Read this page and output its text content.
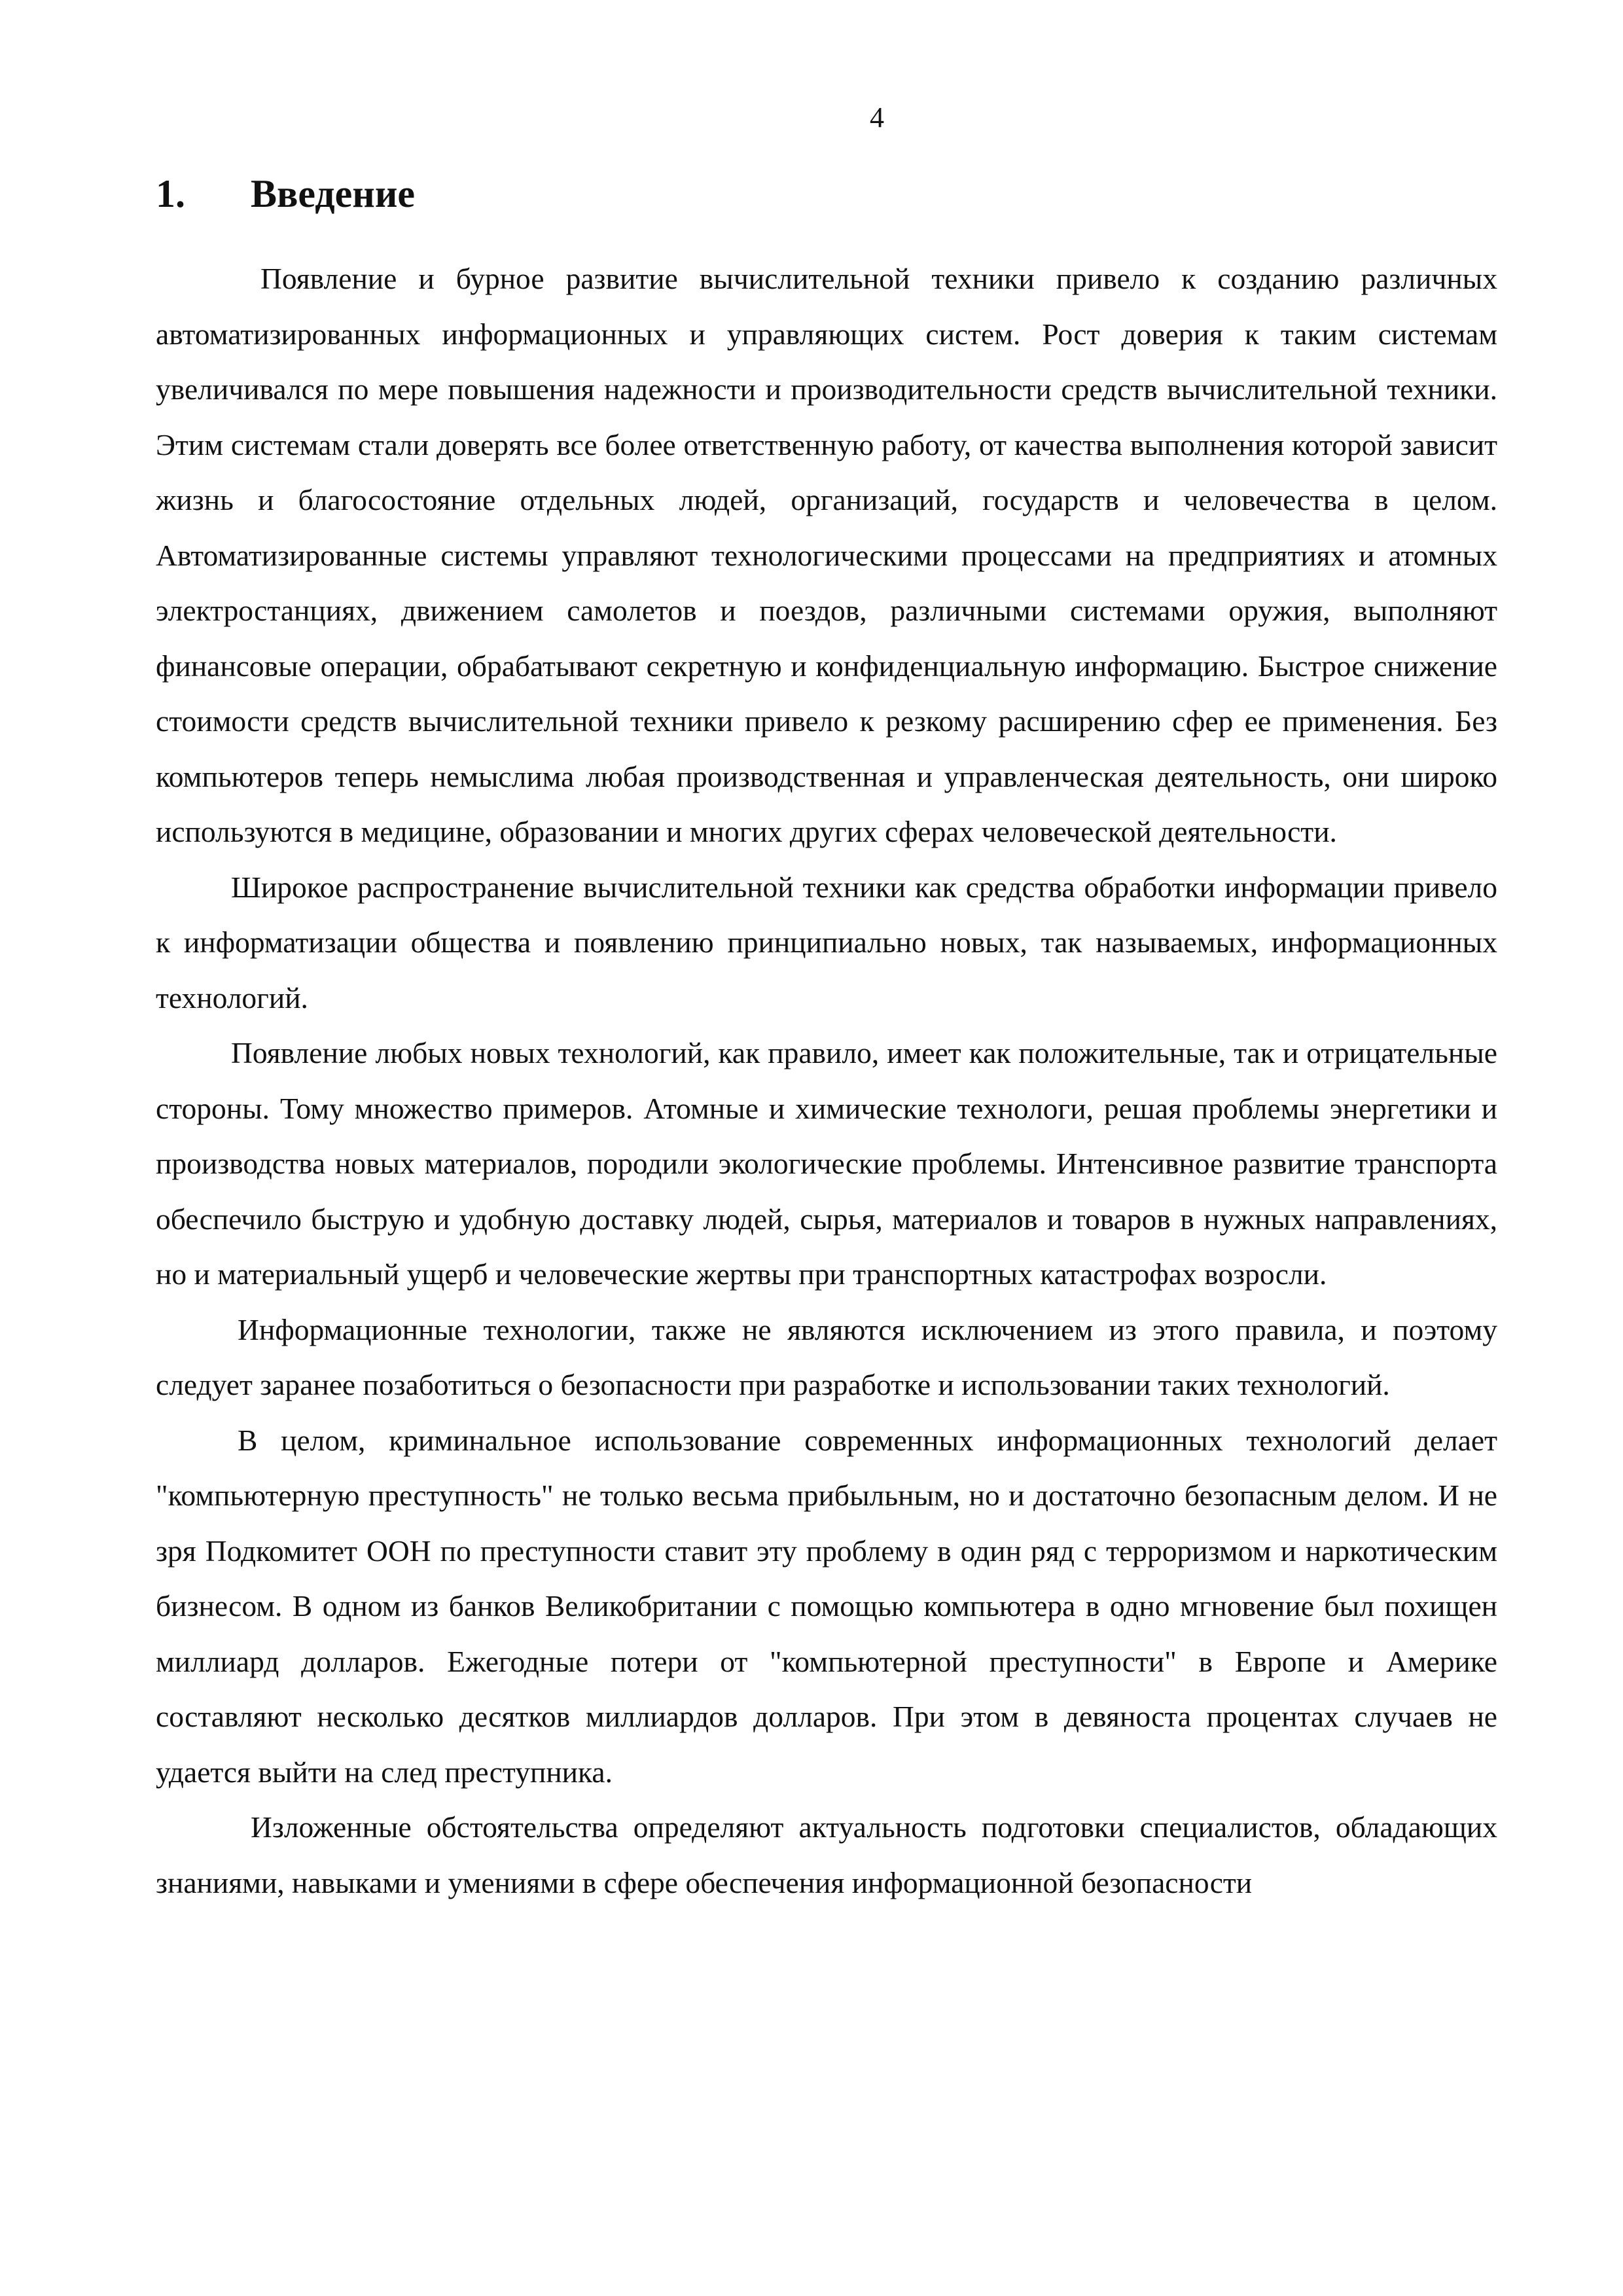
4
1. Введение

Появление и бурное развитие вычислительной техники привело к созданию различных автоматизированных информационных и управляющих систем. Рост доверия к таким системам увеличивался по мере повышения надежности и производительности средств вычислительной техники. Этим системам стали доверять все более ответственную работу, от качества выполнения которой зависит жизнь и благосостояние отдельных людей, организаций, государств и человечества в целом. Автоматизированные системы управляют технологическими процессами на предприятиях и атомных электростанциях, движением самолетов и поездов, различными системами оружия, выполняют финансовые операции, обрабатывают секретную и конфиденциальную информацию. Быстрое снижение стоимости средств вычислительной техники привело к резкому расширению сфер ее применения. Без компьютеров теперь немыслима любая производственная и управленческая деятельность, они широко используются в медицине, образовании и многих других сферах человеческой деятельности.

Широкое распространение вычислительной техники как средства обработки информации привело к информатизации общества и появлению принципиально новых, так называемых, информационных технологий.

Появление любых новых технологий, как правило, имеет как положительные, так и отрицательные стороны. Тому множество примеров. Атомные и химические технологи, решая проблемы энергетики и производства новых материалов, породили экологические проблемы. Интенсивное развитие транспорта обеспечило быструю и удобную доставку людей, сырья, материалов и товаров в нужных направлениях, но и материальный ущерб и человеческие жертвы при транспортных катастрофах возросли.

Информационные технологии, также не являются исключением из этого правила, и поэтому следует заранее позаботиться о безопасности при разработке и использовании таких технологий.

В целом, криминальное использование современных информационных технологий делает "компьютерную преступность" не только весьма прибыльным, но и достаточно безопасным делом. И не зря Подкомитет ООН по преступности ставит эту проблему в один ряд с терроризмом и наркотическим бизнесом. В одном из банков Великобритании с помощью компьютера в одно мгновение был похищен миллиард долларов. Ежегодные потери от "компьютерной преступности" в Европе и Америке составляют несколько десятков миллиардов долларов. При этом в девяноста процентах случаев не удается выйти на след преступника.

Изложенные обстоятельства определяют актуальность подготовки специалистов, обладающих знаниями, навыками и умениями в сфере обеспечения информационной безопасности
